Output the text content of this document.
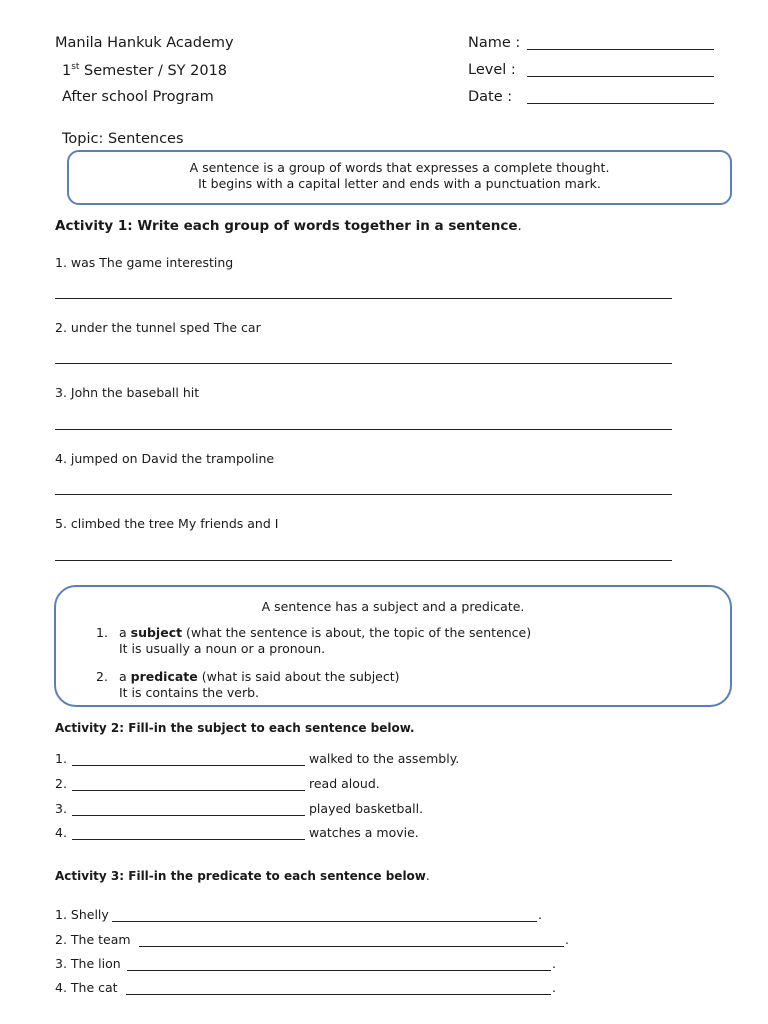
Manila Hankuk Academy
1st Semester / SY 2018
After school Program
Name :
Level :
Date :
Topic: Sentences
A sentence is a group of words that expresses a complete thought.
It begins with a capital letter and ends with a punctuation mark.
Activity 1: Write each group of words together in a sentence.
1. was The game interesting
2. under the tunnel sped The car
3. John the baseball hit
4. jumped on David the trampoline
5. climbed the tree My friends and I
A sentence has a subject and a predicate.
1. a subject (what the sentence is about, the topic of the sentence)
It is usually a noun or a pronoun.
2. a predicate (what is said about the subject)
It is contains the verb.
Activity 2: Fill-in the subject to each sentence below.
1.	walked to the assembly.
2.	read aloud.
3.	played basketball.
4.	watches a movie.
Activity 3: Fill-in the predicate to each sentence below.
1. Shelly	.
2. The team	.
3. The lion	.
4. The cat	.
